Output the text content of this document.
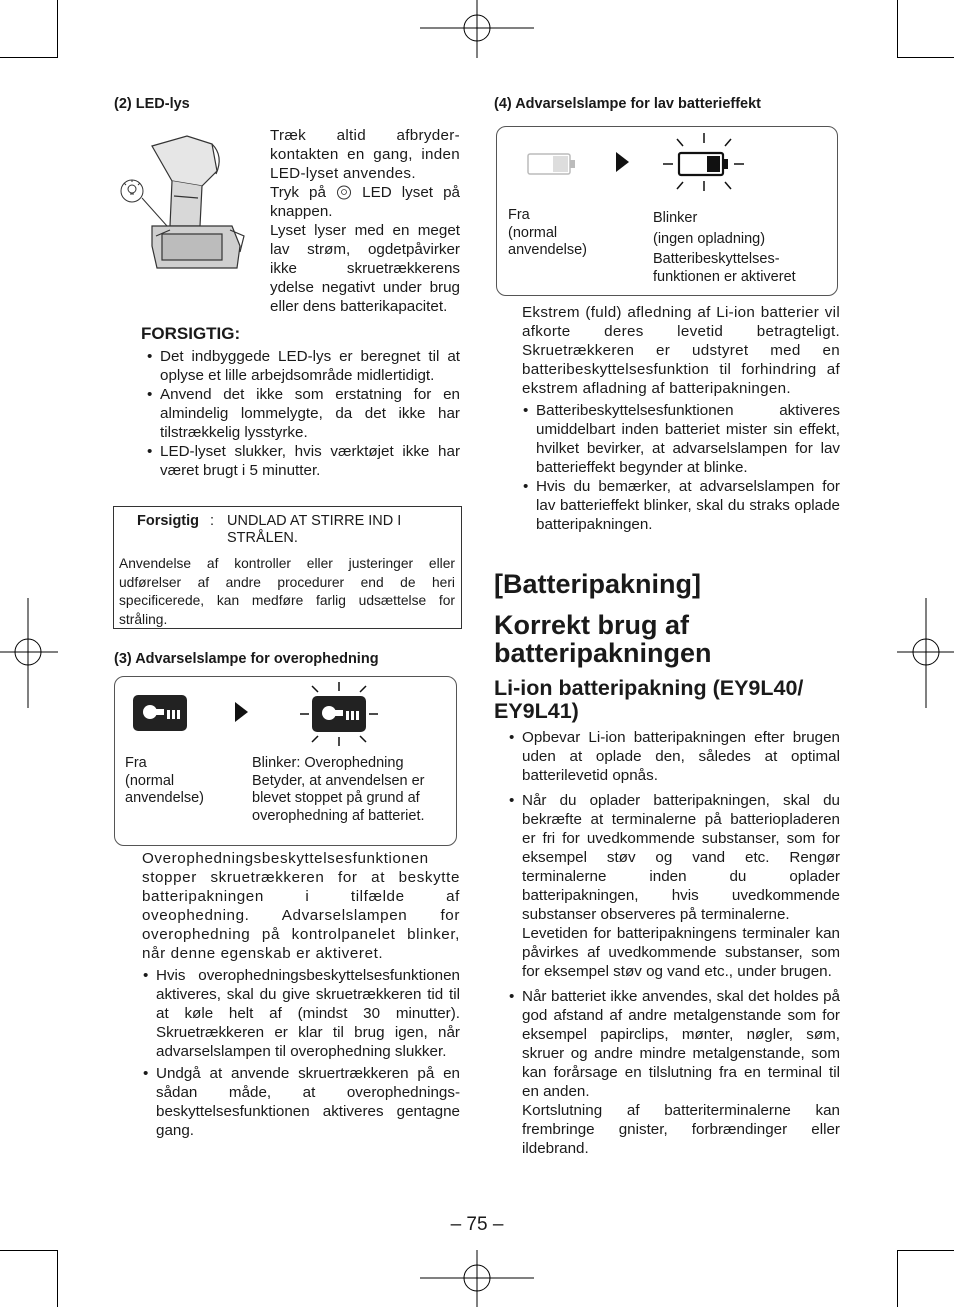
(2) LED-lys
Træk altid afbryder-kontakten en gang, inden LED-lyset anvendes.
Tryk på LED lyset på knappen.
Lyset lyser med en meget lav strøm, ogdetpåvirker ikke skruetrækkerens ydelse negativt under brug eller dens batterikapacitet.
FORSIGTIG:
• Det indbyggede LED-lys er beregnet til at oplyse et lille arbejdsområde midlertidigt.
• Anvend det ikke som erstatning for en almindelig lommelygte, da det ikke har tilstrækkelig lysstyrke.
• LED-lyset slukker, hvis værktøjet ikke har været brugt i 5 minutter.
Forsigtig : UNDLAD AT STIRRE IND I STRÅLEN.
Anvendelse af kontroller eller justeringer eller udførelser af andre procedurer end de heri specificerede, kan medføre farlig udsættelse for stråling.
(3) Advarselslampe for overophedning
Fra
(normal
anvendelse)
Blinker: Overophedning
Betyder, at anvendelsen er blevet stoppet på grund af overophedning af batteriet.
Overophedningsbeskyttelsesfunktionen stopper skruetrækkeren for at beskytte batteripakningen i tilfælde af oveophedning. Advarselslampen for overophedning på kontrolpanelet blinker, når denne egenskab er aktiveret.
• Hvis overophedningsbeskyttelsesfunktionen aktiveres, skal du give skruetrækkeren tid til at køle helt af (mindst 30 minutter). Skruetrækkeren er klar til brug igen, når advarselslampen til overophedning slukker.
• Undgå at anvende skruertrækkeren på en sådan måde, at overophednings-beskyttelsesfunktionen aktiveres gentagne gang.
(4) Advarselslampe for lav batterieffekt
Fra
(normal
anvendelse)
Blinker
(ingen opladning)
Batteribeskyttelses-
funktionen er aktiveret
Ekstrem (fuld) afledning af Li-ion batterier vil afkorte deres levetid betragteligt. Skruetrækkeren er udstyret med en batteribeskyttelsesfunktion til forhindring af ekstrem afladning af batteripakningen.
• Batteribeskyttelsesfunktionen aktiveres umiddelbart inden batteriet mister sin effekt, hvilket bevirker, at advarselslampen for lav batterieffekt begynder at blinke.
• Hvis du bemærker, at advarselslampen for lav batterieffekt blinker, skal du straks oplade batteripakningen.
[Batteripakning]
Korrekt brug af batteripakningen
Li-ion batteripakning (EY9L40/ EY9L41)
• Opbevar Li-ion batteripakningen efter brugen uden at oplade den, således at optimal batterilevetid opnås.
• Når du oplader batteripakningen, skal du bekræfte at terminalerne på batteriopladeren er fri for uvedkommende substanser, som for eksempel støv og vand etc. Rengør terminalerne inden du oplader batteripakningen, hvis uvedkommende substanser observeres på terminalerne.
Levetiden for batteripakningens terminaler kan påvirkes af uvedkommende substanser, som for eksempel støv og vand etc., under brugen.
• Når batteriet ikke anvendes, skal det holdes på god afstand af andre metalgenstande som for eksempel papirclips, mønter, nøgler, søm, skruer og andre mindre metalgenstande, som kan forårsage en tilslutning fra en terminal til en anden.
Kortslutning af batteriterminalerne kan frembringe gnister, forbrændinger eller ildebrand.
– 75 –
